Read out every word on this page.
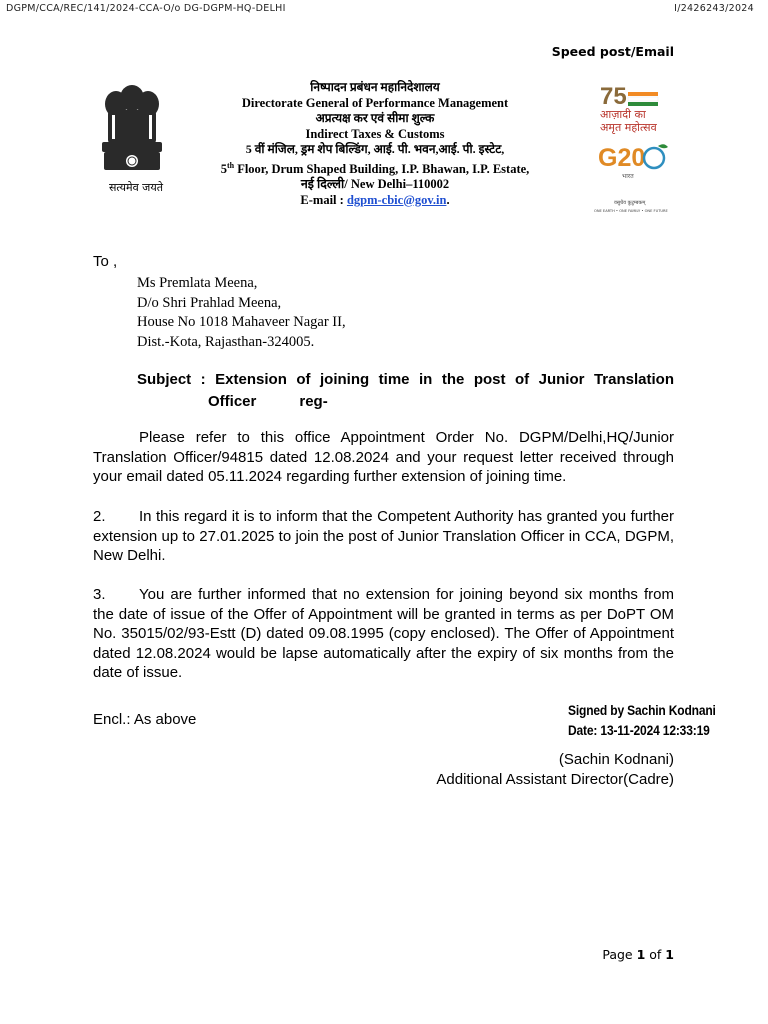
DGPM/CCA/REC/141/2024-CCA-O/o DG-DGPM-HQ-DELHI	I/2426243/2024
Speed post/Email
सत्यमेव जयते
निष्पादन प्रबंधन महानिदेशालय
Directorate General of Performance Management
अप्रत्यक्ष कर एवं सीमा शुल्क
Indirect Taxes & Customs
5 वीं मंजिल, ड्रम शेप बिल्डिंग, आई. पी. भवन,आई. पी. इस्टेट,
5th Floor, Drum Shaped Building, I.P. Bhawan, I.P. Estate,
नई दिल्ली/ New Delhi–110002
E-mail : dgpm-cbic@gov.in.
75
आज़ादी का
अमृत महोत्सव
G20
भारत
वसुधैव कुटुम्बकम्
ONE EARTH • ONE FAMILY • ONE FUTURE
To ,
Ms Premlata Meena,
D/o Shri Prahlad Meena,
House No 1018 Mahaveer Nagar II,
Dist.-Kota, Rajasthan-324005.
Subject : Extension of joining time in the post of Junior Translation
Officer	reg-
Please refer to this office Appointment Order No. DGPM/Delhi,HQ/Junior Translation Officer/94815 dated 12.08.2024 and your request letter received through your email dated 05.11.2024 regarding further extension of joining time.
2. In this regard it is to inform that the Competent Authority has granted you further extension up to 27.01.2025 to join the post of Junior Translation Officer in CCA, DGPM, New Delhi.
3. You are further informed that no extension for joining beyond six months from the date of issue of the Offer of Appointment will be granted in terms as per DoPT OM No. 35015/02/93-Estt (D) dated 09.08.1995 (copy enclosed). The Offer of Appointment dated 12.08.2024 would be lapse automatically after the expiry of six months from the date of issue.
Encl.: As above
Signed by Sachin Kodnani
Date: 13-11-2024 12:33:19
(Sachin Kodnani)
Additional Assistant Director(Cadre)
Page 1 of 1
